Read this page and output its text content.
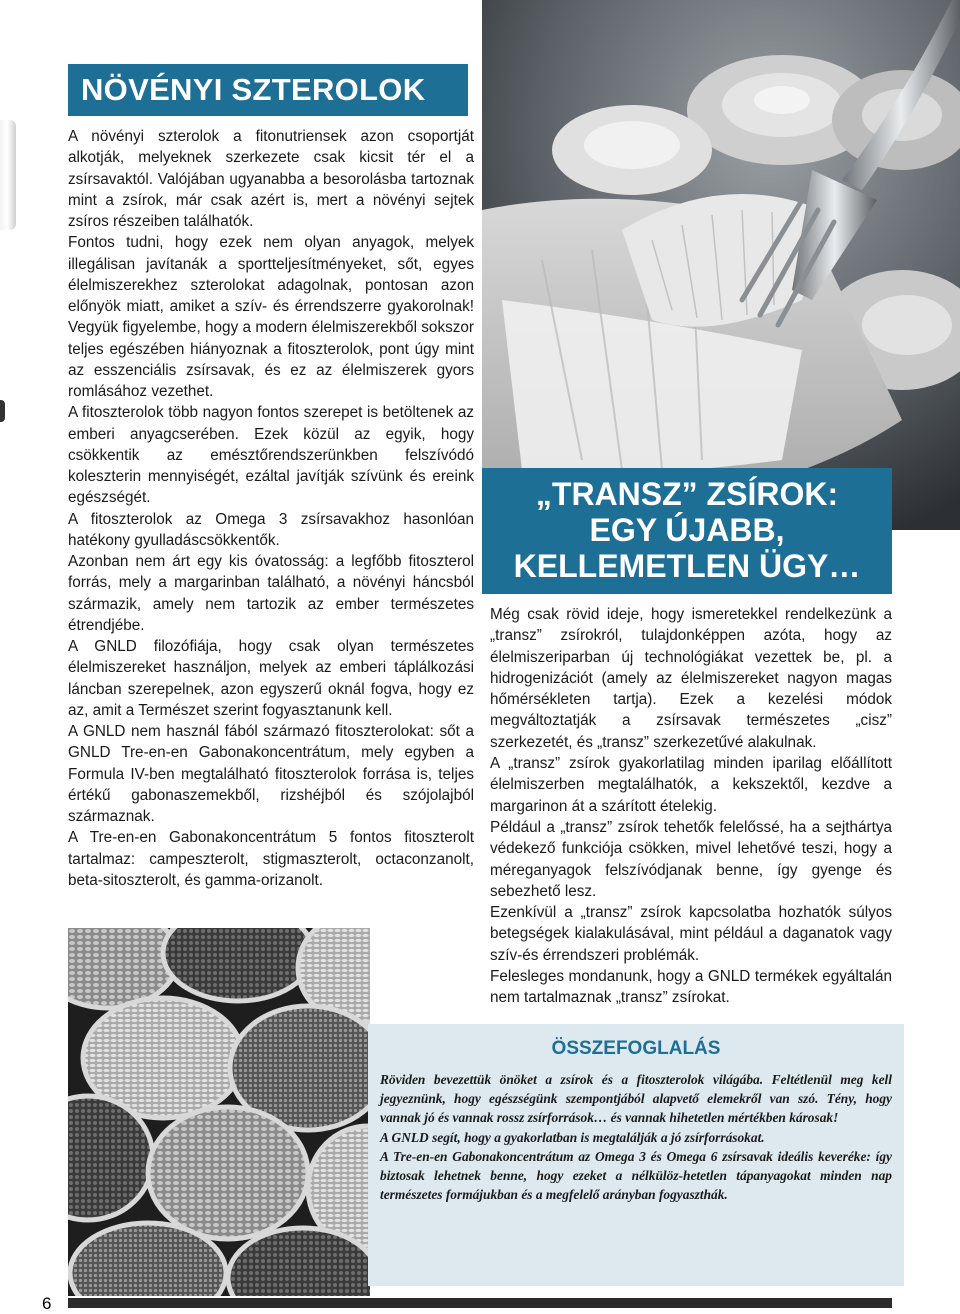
NÖVÉNYI SZTEROLOK

A növényi szterolok a fitonutriensek azon csoportját alkotják, melyeknek szerkezete csak kicsit tér el a zsírsavaktól. Valójában ugyanabba a besorolásba tartoznak mint a zsírok, már csak azért is, mert a növényi sejtek zsíros részeiben találhatók.

Fontos tudni, hogy ezek nem olyan anyagok, melyek illegálisan javítanák a sportteljesítményeket, sőt, egyes élelmiszerekhez szterolokat adagolnak, pontosan azon előnyök miatt, amiket a szív- és érrendszerre gyakorolnak! Vegyük figyelembe, hogy a modern élelmiszerekből sokszor teljes egészében hiányoznak a fitoszterolok, pont úgy mint az esszenciális zsírsavak, és ez az élelmiszerek gyors romlásához vezethet.

A fitoszterolok több nagyon fontos szerepet is betöltenek az emberi anyagcserében. Ezek közül az egyik, hogy csökkentik az emésztőrendszerünkben felszívódó koleszterin mennyiségét, ezáltal javítják szívünk és ereink egészségét.

A fitoszterolok az Omega 3 zsírsavakhoz hasonlóan hatékony gyulladáscsökkentők.

Azonban nem árt egy kis óvatosság: a legfőbb fitoszterol forrás, mely a margarinban található, a növényi háncsból származik, amely nem tartozik az ember természetes étrendjébe.

A GNLD filozófiája, hogy csak olyan természetes élelmiszereket használjon, melyek az emberi táplálkozási láncban szerepelnek, azon egyszerű oknál fogva, hogy ez az, amit a Természet szerint fogyasztanunk kell.

A GNLD nem használ fából származó fitoszterolokat: sőt a GNLD Tre-en-en Gabonakoncentrátum, mely egyben a Formula IV-ben megtalálható fitoszterolok forrása is, teljes értékű gabonaszemekből, rizshéjból és szójolajból származnak.

A Tre-en-en Gabonakoncentrátum 5 fontos fitoszterolt tartalmaz: campeszterolt, stigmaszterolt, octaconzanolt, beta-sitoszterolt, és gamma-orizanolt.

„TRANSZ” ZSÍROK:
EGY ÚJABB,
KELLEMETLEN ÜGY…

Még csak rövid ideje, hogy ismeretekkel rendelkezünk a „transz” zsírokról, tulajdonképpen azóta, hogy az élelmiszeriparban új technológiákat vezettek be, pl. a hidrogenizációt (amely az élelmiszereket nagyon magas hőmérsékleten tartja). Ezek a kezelési módok megváltoztatják a zsírsavak természetes „cisz” szerkezetét, és „transz” szerkezetűvé alakulnak.

A „transz” zsírok gyakorlatilag minden iparilag előállított élelmiszerben megtalálhatók, a kekszektől, kezdve a margarinon át a szárított ételekig.

Például a „transz” zsírok tehetők felelőssé, ha a sejthártya védekező funkciója csökken, mivel lehetővé teszi, hogy a méreganyagok felszívódjanak benne, így gyenge és sebezhető lesz.

Ezenkívül a „transz” zsírok kapcsolatba hozhatók súlyos betegségek kialakulásával, mint például a daganatok vagy szív-és érrendszeri problémák.

Felesleges mondanunk, hogy a GNLD termékek egyáltalán nem tartalmaznak „transz” zsírokat.

ÖSSZEFOGLALÁS

Röviden bevezettük önöket a zsírok és a fitoszterolok világába. Feltétlenül meg kell jegyeznünk, hogy egészségünk szempontjából alapvető elemekről van szó. Tény, hogy vannak jó és vannak rossz zsírforrások… és vannak hihetetlen mértékben károsak!

A GNLD segít, hogy a gyakorlatban is megtalálják a jó zsírforrásokat.

A Tre-en-en Gabonakoncentrátum az Omega 3 és Omega 6 zsírsavak ideális keveréke: így biztosak lehetnek benne, hogy ezeket a nélkülöz-hetetlen tápanyagokat minden nap természetes formájukban és a megfelelő arányban fogyaszthák.

6
